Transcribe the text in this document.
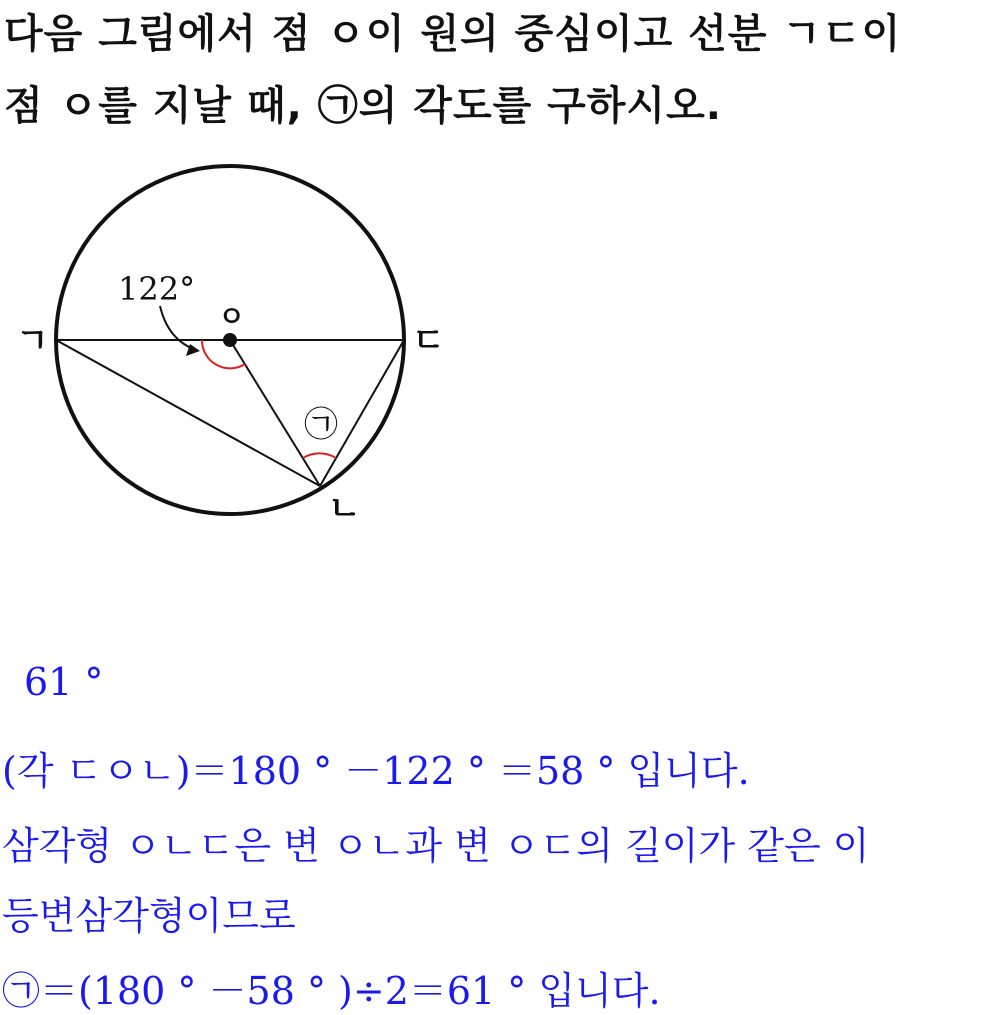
다음 그림에서 점 ㅇ이 원의 중심이고 선분 ㄱㄷ이
점 ㅇ를 지날 때, ㉠의 각도를 구하시오.
122°
ㄱ
ㅇ
ㄷ
ㄴ
㉠
61 °
(각 ㄷㅇㄴ)＝180 ° －122 ° ＝58 ° 입니다.
삼각형 ㅇㄴㄷ은 변 ㅇㄴ과 변 ㅇㄷ의 길이가 같은 이
등변삼각형이므로
㉠＝(180 ° －58 ° )÷2＝61 ° 입니다.
